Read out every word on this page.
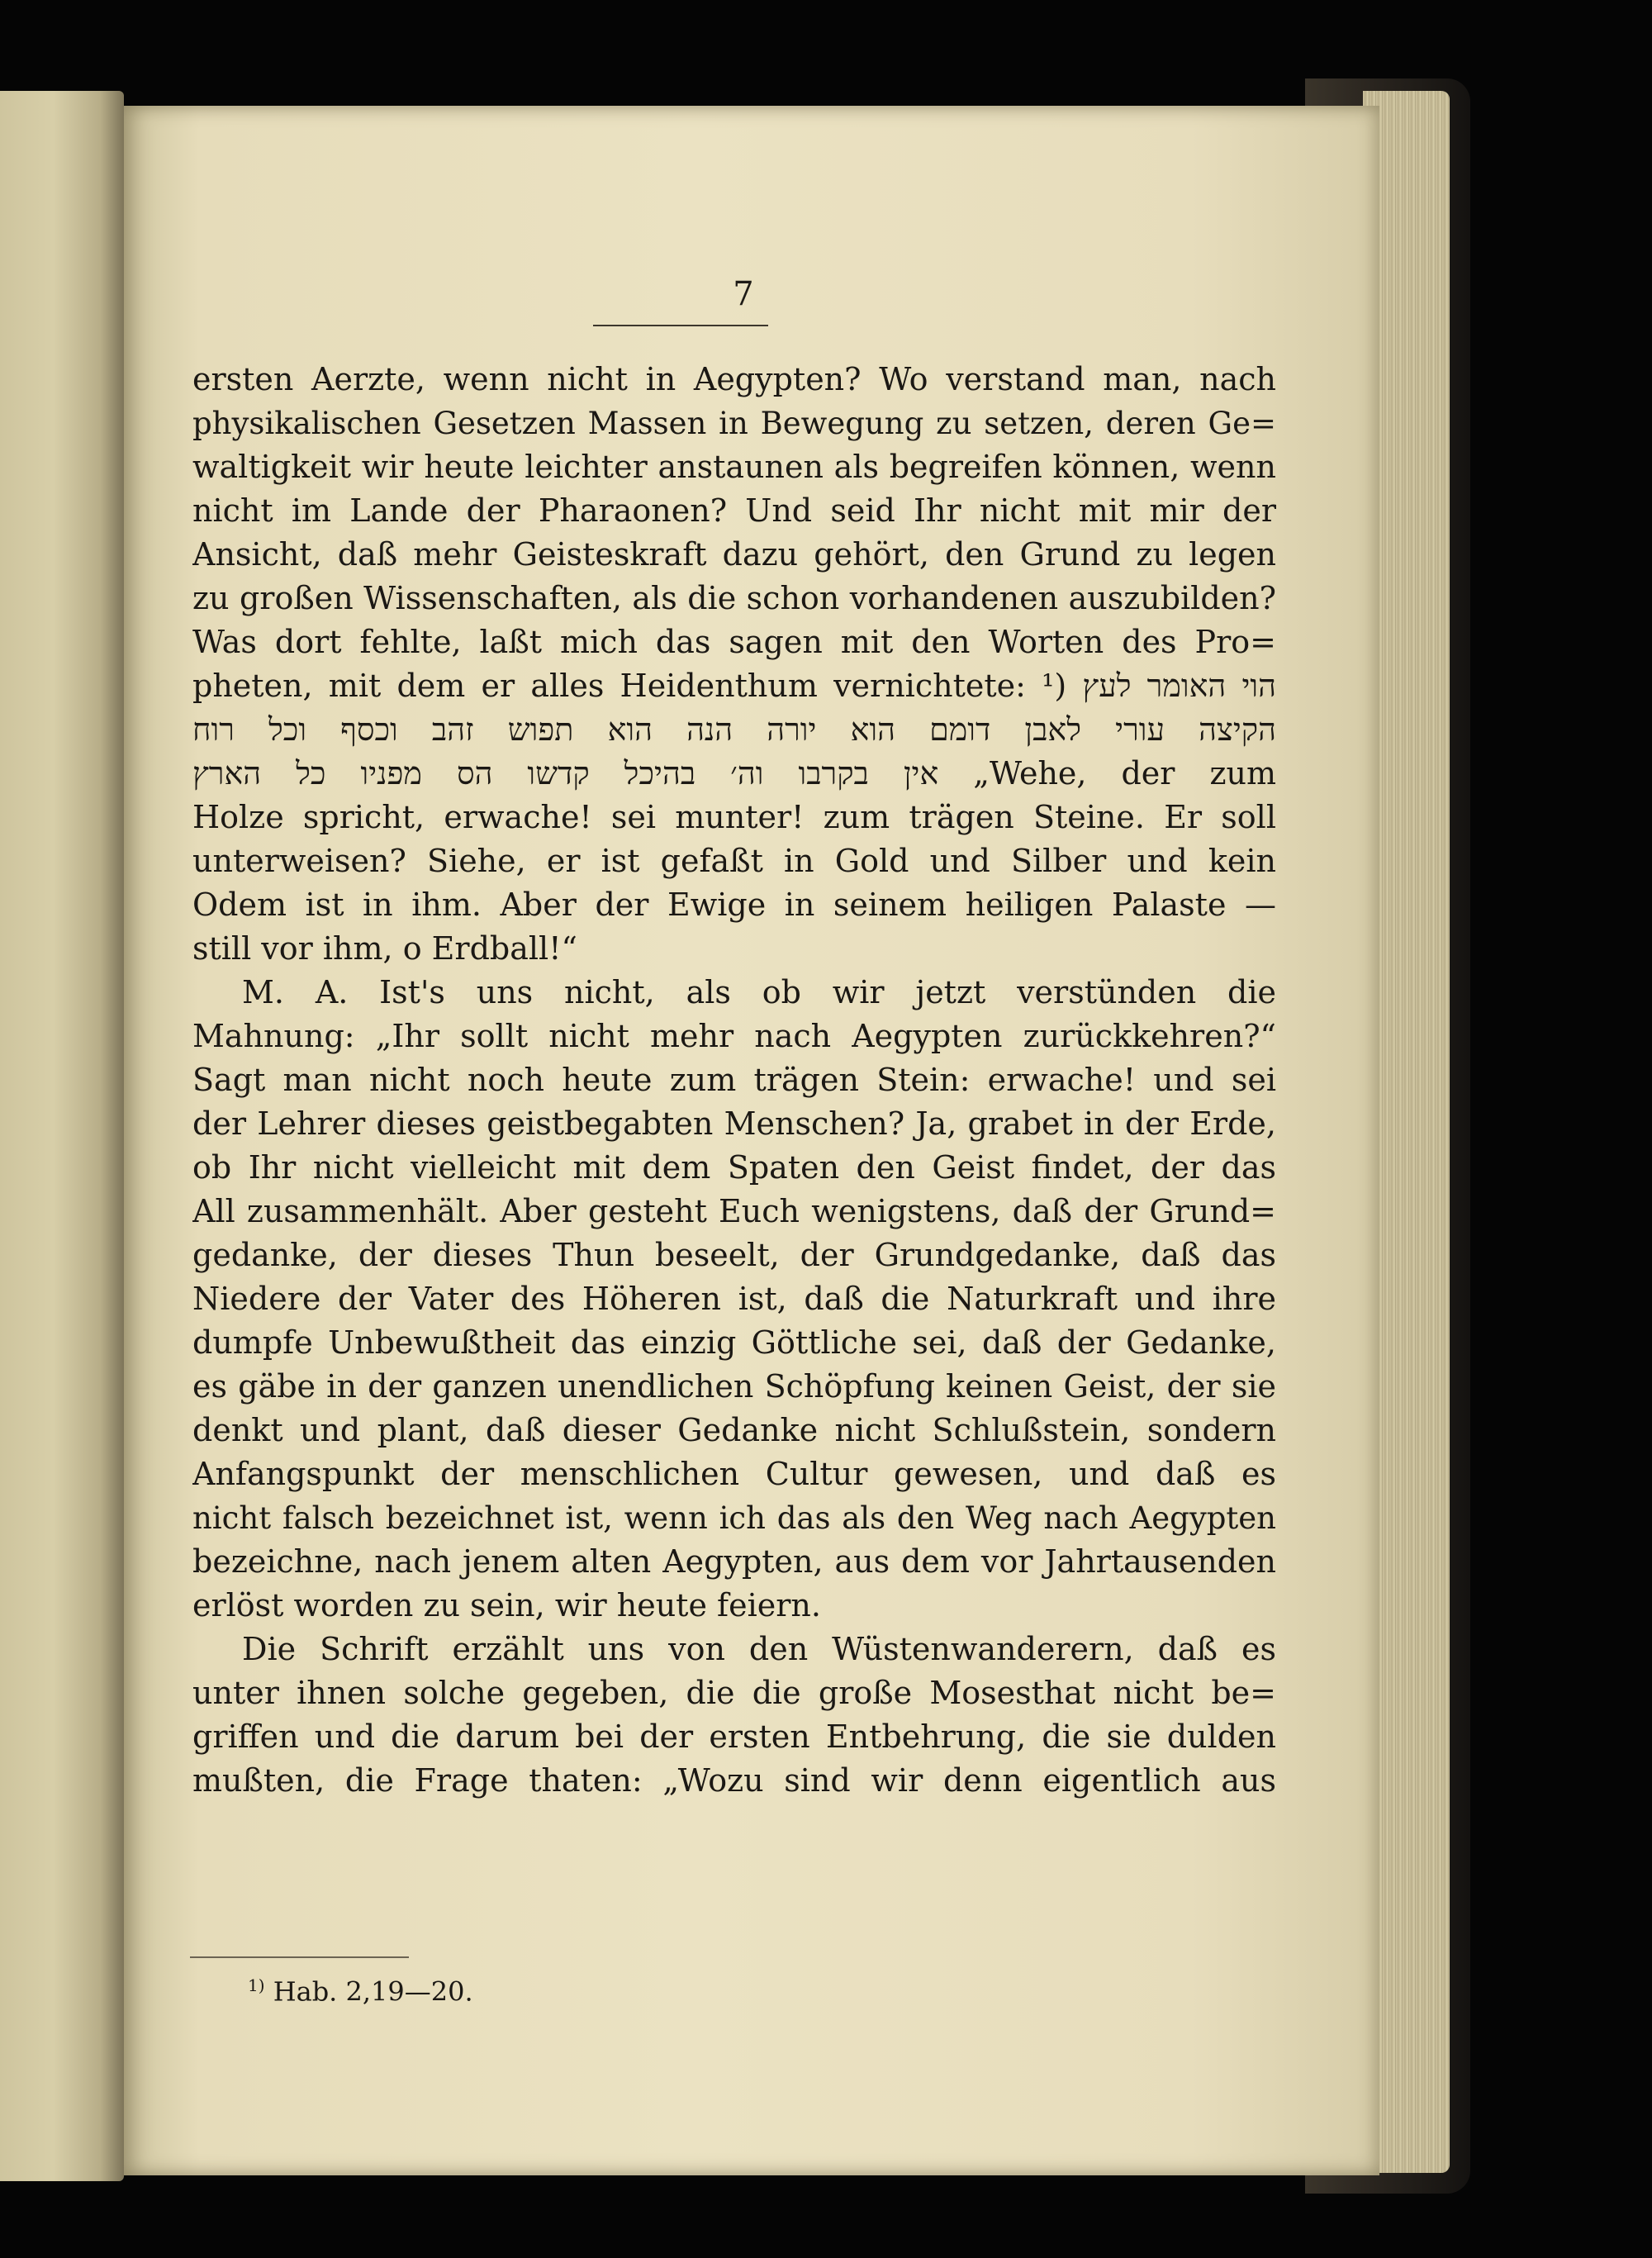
7
ersten Aerzte, wenn nicht in Aegypten? Wo verstand man, nach
physikalischen Gesetzen Massen in Bewegung zu setzen, deren Ge=
waltigkeit wir heute leichter anstaunen als begreifen können, wenn
nicht im Lande der Pharaonen? Und seid Ihr nicht mit mir der
Ansicht, daß mehr Geisteskraft dazu gehört, den Grund zu legen
zu großen Wissenschaften, als die schon vorhandenen auszubilden?
Was dort fehlte, laßt mich das sagen mit den Worten des Pro=
pheten, mit dem er alles Heidenthum vernichtete: ¹) הוי האומר לעץ
הקיצה עורי לאבן דומם הוא יורה הנה הוא תפוש זהב וכסף וכל רוח
אין בקרבו וה׳ בהיכל קדשו הס מפניו כל הארץ „Wehe, der zum
Holze spricht, erwache! sei munter! zum trägen Steine. Er soll
unterweisen? Siehe, er ist gefaßt in Gold und Silber und kein
Odem ist in ihm. Aber der Ewige in seinem heiligen Palaste —
still vor ihm, o Erdball!“
M. A. Ist's uns nicht, als ob wir jetzt verstünden die
Mahnung: „Ihr sollt nicht mehr nach Aegypten zurückkehren?“
Sagt man nicht noch heute zum trägen Stein: erwache! und sei
der Lehrer dieses geistbegabten Menschen? Ja, grabet in der Erde,
ob Ihr nicht vielleicht mit dem Spaten den Geist findet, der das
All zusammenhält. Aber gesteht Euch wenigstens, daß der Grund=
gedanke, der dieses Thun beseelt, der Grundgedanke, daß das
Niedere der Vater des Höheren ist, daß die Naturkraft und ihre
dumpfe Unbewußtheit das einzig Göttliche sei, daß der Gedanke,
es gäbe in der ganzen unendlichen Schöpfung keinen Geist, der sie
denkt und plant, daß dieser Gedanke nicht Schlußstein, sondern
Anfangspunkt der menschlichen Cultur gewesen, und daß es
nicht falsch bezeichnet ist, wenn ich das als den Weg nach Aegypten
bezeichne, nach jenem alten Aegypten, aus dem vor Jahrtausenden
erlöst worden zu sein, wir heute feiern.
Die Schrift erzählt uns von den Wüstenwanderern, daß es
unter ihnen solche gegeben, die die große Mosesthat nicht be=
griffen und die darum bei der ersten Entbehrung, die sie dulden
mußten, die Frage thaten: „Wozu sind wir denn eigentlich aus
$^{1)}$ Hab. 2,19—20.
